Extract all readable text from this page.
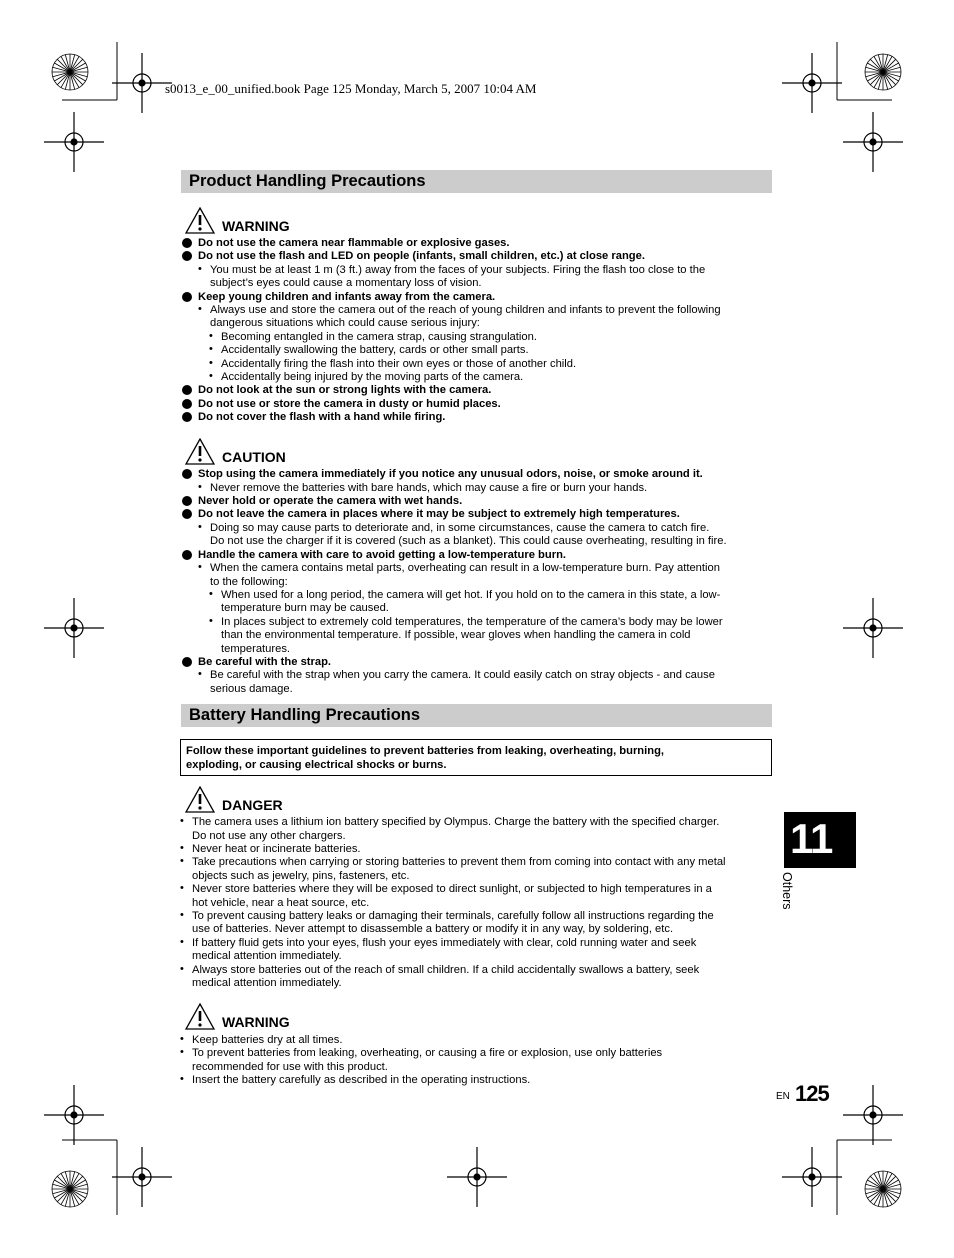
s0013_e_00_unified.book Page 125 Monday, March 5, 2007 10:04 AM
Product Handling Precautions
WARNING
Do not use the camera near flammable or explosive gases.
Do not use the flash and LED on people (infants, small children, etc.) at close range.
• You must be at least 1 m (3 ft.) away from the faces of your subjects. Firing the flash too close to the
subject’s eyes could cause a momentary loss of vision.
Keep young children and infants away from the camera.
• Always use and store the camera out of the reach of young children and infants to prevent the following
dangerous situations which could cause serious injury:
• Becoming entangled in the camera strap, causing strangulation.
• Accidentally swallowing the battery, cards or other small parts.
• Accidentally firing the flash into their own eyes or those of another child.
• Accidentally being injured by the moving parts of the camera.
Do not look at the sun or strong lights with the camera.
Do not use or store the camera in dusty or humid places.
Do not cover the flash with a hand while firing.
CAUTION
Stop using the camera immediately if you notice any unusual odors, noise, or smoke around it.
• Never remove the batteries with bare hands, which may cause a fire or burn your hands.
Never hold or operate the camera with wet hands.
Do not leave the camera in places where it may be subject to extremely high temperatures.
• Doing so may cause parts to deteriorate and, in some circumstances, cause the camera to catch fire.
Do not use the charger if it is covered (such as a blanket). This could cause overheating, resulting in fire.
Handle the camera with care to avoid getting a low-temperature burn.
• When the camera contains metal parts, overheating can result in a low-temperature burn. Pay attention
to the following:
• When used for a long period, the camera will get hot. If you hold on to the camera in this state, a low-
temperature burn may be caused.
• In places subject to extremely cold temperatures, the temperature of the camera’s body may be lower
than the environmental temperature. If possible, wear gloves when handling the camera in cold
temperatures.
Be careful with the strap.
• Be careful with the strap when you carry the camera. It could easily catch on stray objects - and cause
serious damage.
Battery Handling Precautions
Follow these important guidelines to prevent batteries from leaking, overheating, burning,
exploding, or causing electrical shocks or burns.
DANGER
• The camera uses a lithium ion battery specified by Olympus. Charge the battery with the specified charger.
Do not use any other chargers.
• Never heat or incinerate batteries.
• Take precautions when carrying or storing batteries to prevent them from coming into contact with any metal
objects such as jewelry, pins, fasteners, etc.
• Never store batteries where they will be exposed to direct sunlight, or subjected to high temperatures in a
hot vehicle, near a heat source, etc.
• To prevent causing battery leaks or damaging their terminals, carefully follow all instructions regarding the
use of batteries. Never attempt to disassemble a battery or modify it in any way, by soldering, etc.
• If battery fluid gets into your eyes, flush your eyes immediately with clear, cold running water and seek
medical attention immediately.
• Always store batteries out of the reach of small children. If a child accidentally swallows a battery, seek
medical attention immediately.
WARNING
• Keep batteries dry at all times.
• To prevent batteries from leaking, overheating, or causing a fire or explosion, use only batteries
recommended for use with this product.
• Insert the battery carefully as described in the operating instructions.
11
Others
EN 125
